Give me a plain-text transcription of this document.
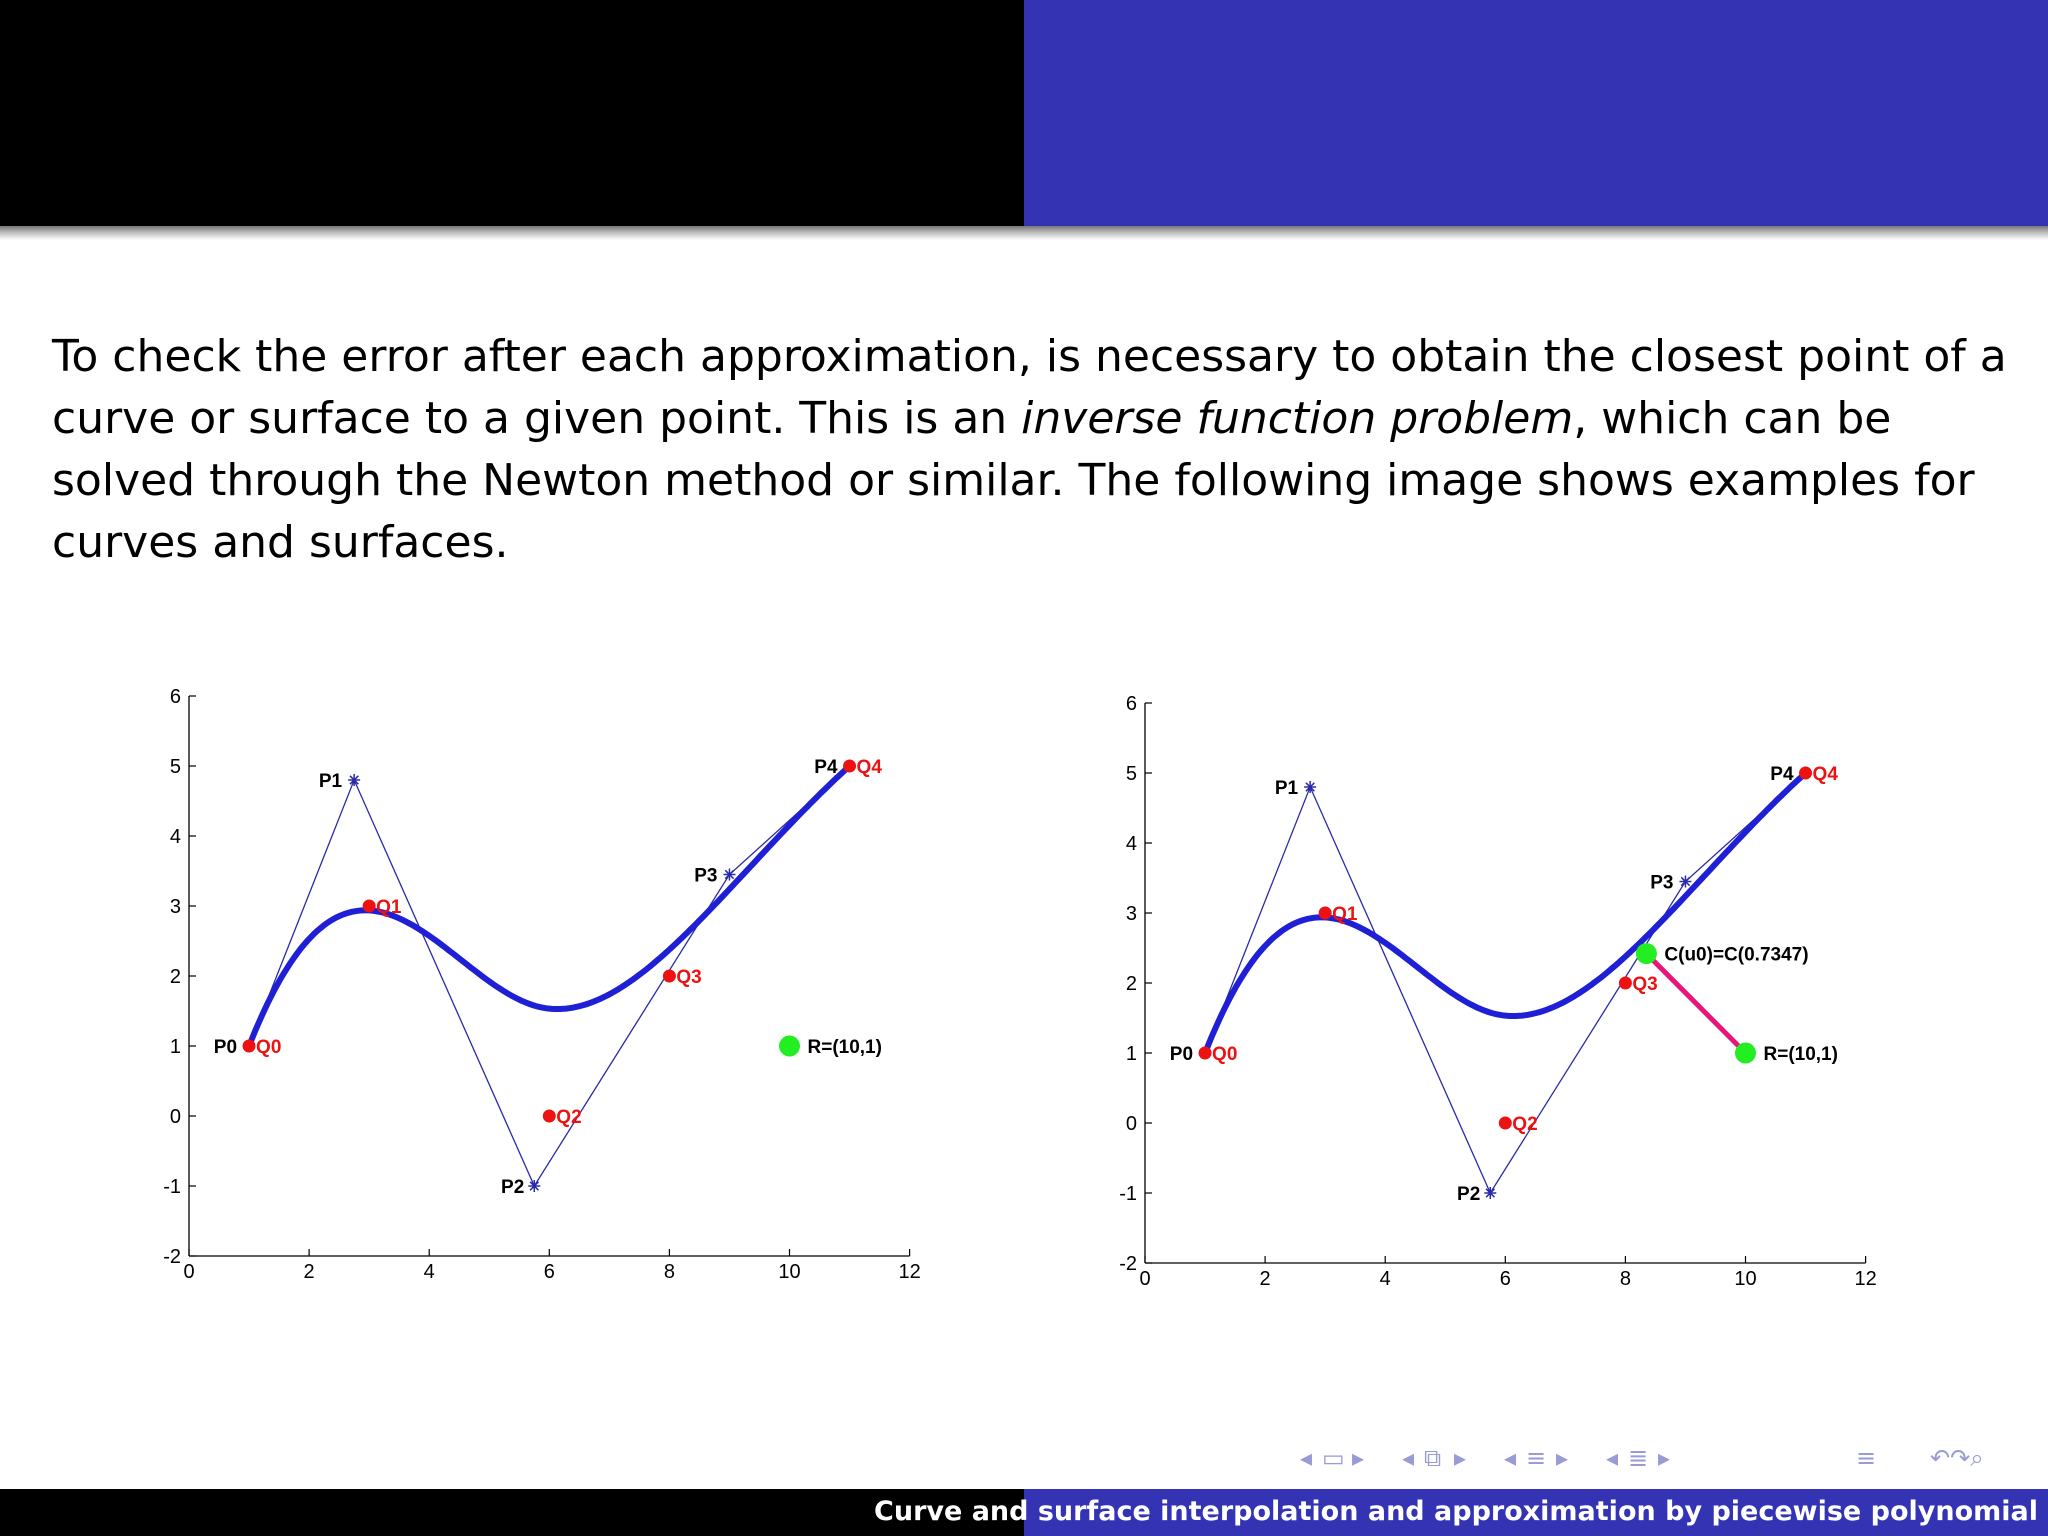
To check the error after each approximation, is necessary to obtain the closest point of a curve or surface to a given point. This is an inverse function problem, which can be solved through the Newton method or similar. The following image shows examples for curves and surfaces.

0	2	4	6	8	10	12
-2
-1
0
1
2
3
4
5
6
P0
P1
P2
P3
P4
Q0
Q1
Q2
Q3
Q4
R=(10,1)
0	2	4	6	8	10	12
-2
-1
0
1
2
3
4
5
6
P0
P1
P2
P3
P4
Q0
Q1
Q2
Q3
Q4
C(u0)=C(0.7347)
R=(10,1)
◂ ▭ ▸ ◂ ⧉ ▸ ◂ ≡ ▸ ◂ ≣ ▸	≡ ↶↷⌕
Curve and surface interpolation and approximation by piecewise polynomial
